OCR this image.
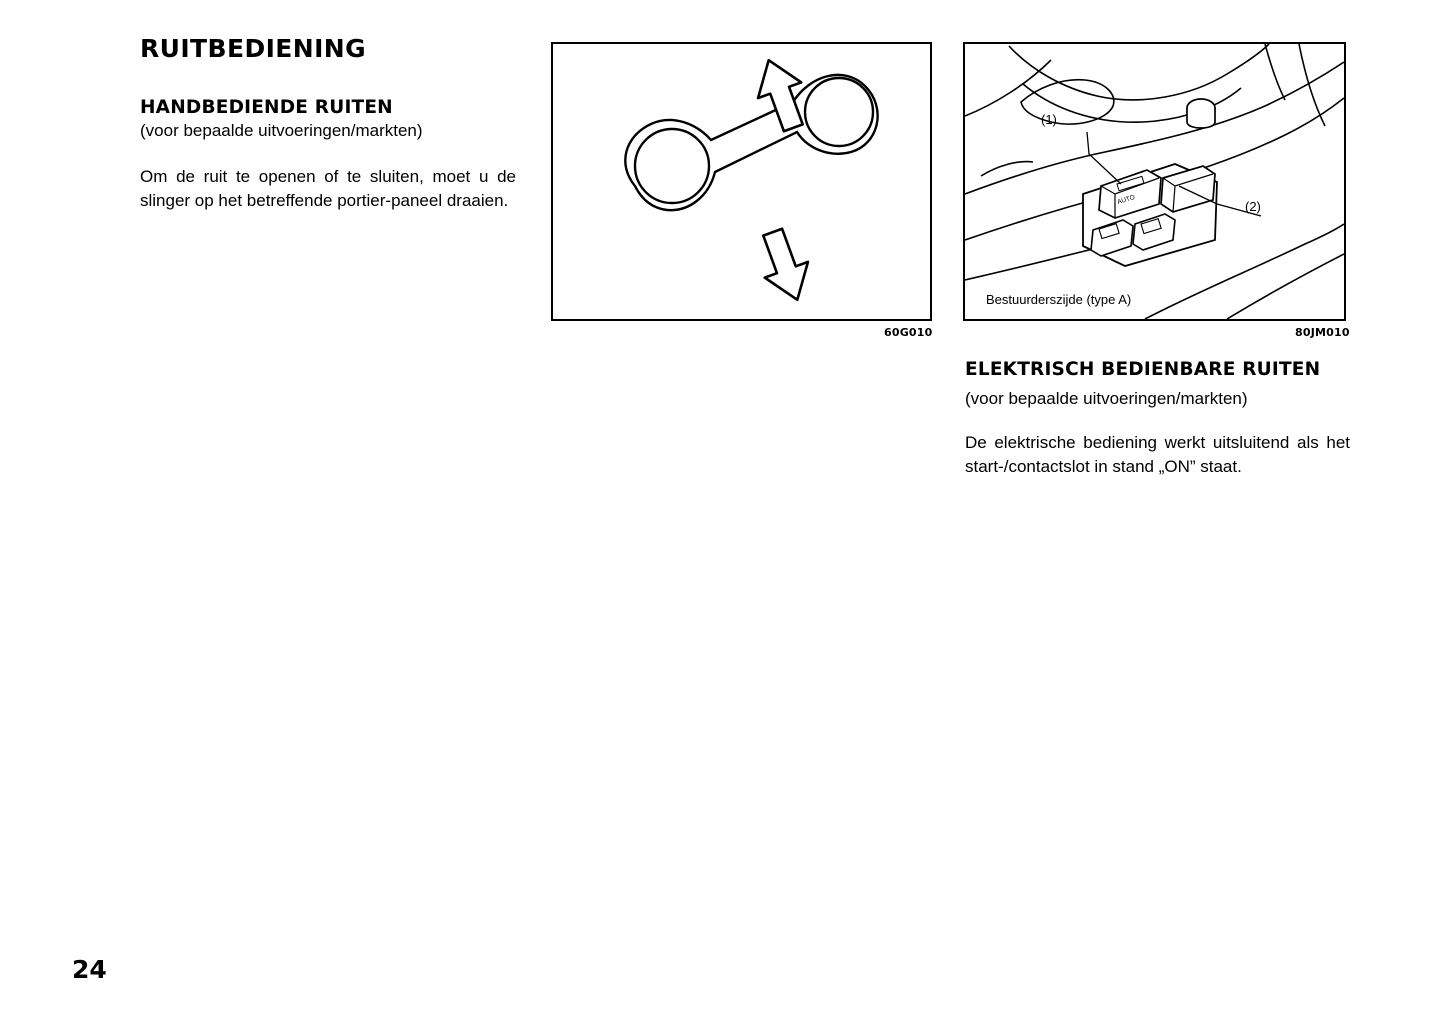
RUITBEDIENING
HANDBEDIENDE RUITEN

(voor bepaalde uitvoeringen/markten)

Om de ruit te openen of te sluiten, moet u de slinger op het betreffende portier-paneel draaien.

60G010
AUTO
(1)
(2)
Bestuurderszijde (type A)
80JM010
ELEKTRISCH BEDIENBARE RUITEN

(voor bepaalde uitvoeringen/markten)

De elektrische bediening werkt uitsluitend als het start-/contactslot in stand „ON” staat.

24
